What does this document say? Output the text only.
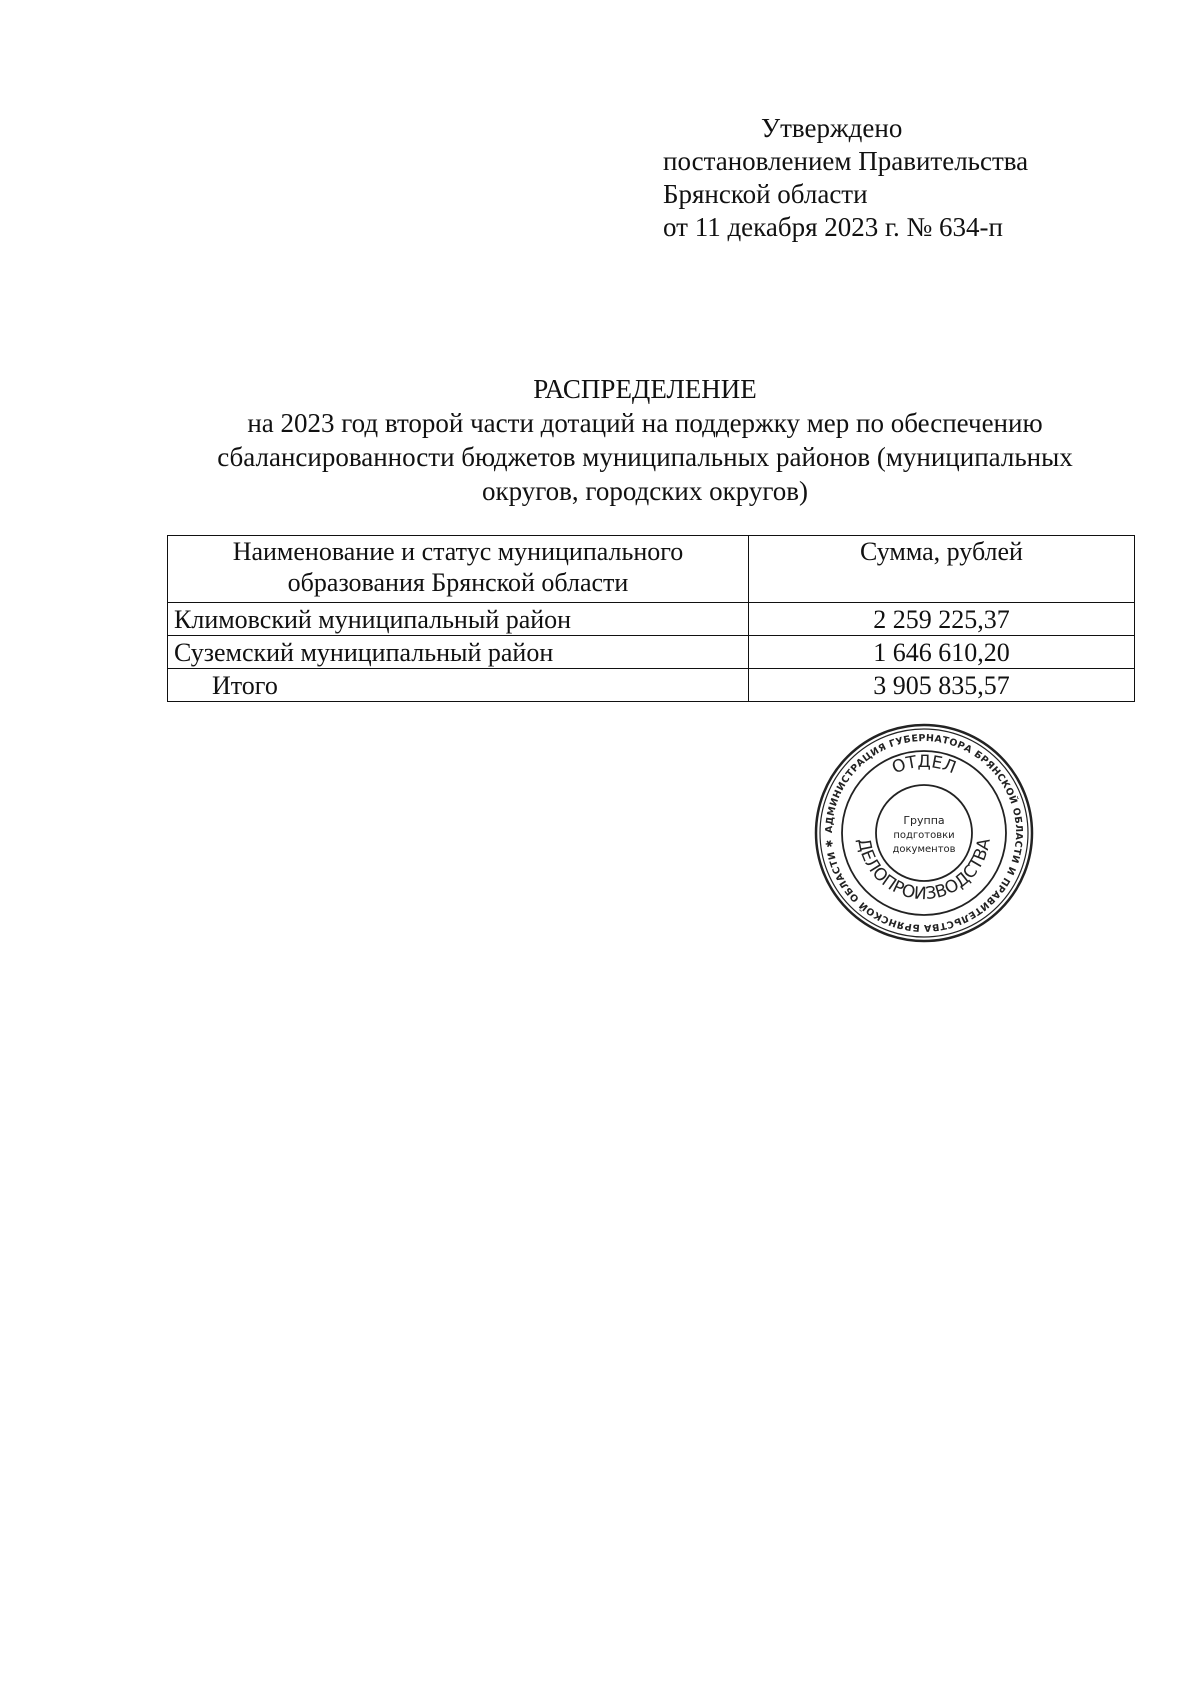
Утверждено
постановлением Правительства
Брянской области
от 11 декабря 2023 г. № 634-п
РАСПРЕДЕЛЕНИЕ
на 2023 год второй части дотаций на поддержку мер по обеспечению
сбалансированности бюджетов муниципальных районов (муниципальных
округов, городских округов)
Наименование и статус муниципального
образования Брянской области	Сумма, рублей
Климовский муниципальный район	2 259 225,37
Суземский муниципальный район	1 646 610,20
Итого	3 905 835,57
АДМИНИСТРАЦИЯ ГУБЕРНАТОРА БРЯНСКОЙ ОБЛАСТИ И ПРАВИТЕЛЬСТВА БРЯНСКОЙ ОБЛАСТИ ✱
ОТДЕЛ
ДЕЛОПРОИЗВОДСТВА
Группа
подготовки
документов
